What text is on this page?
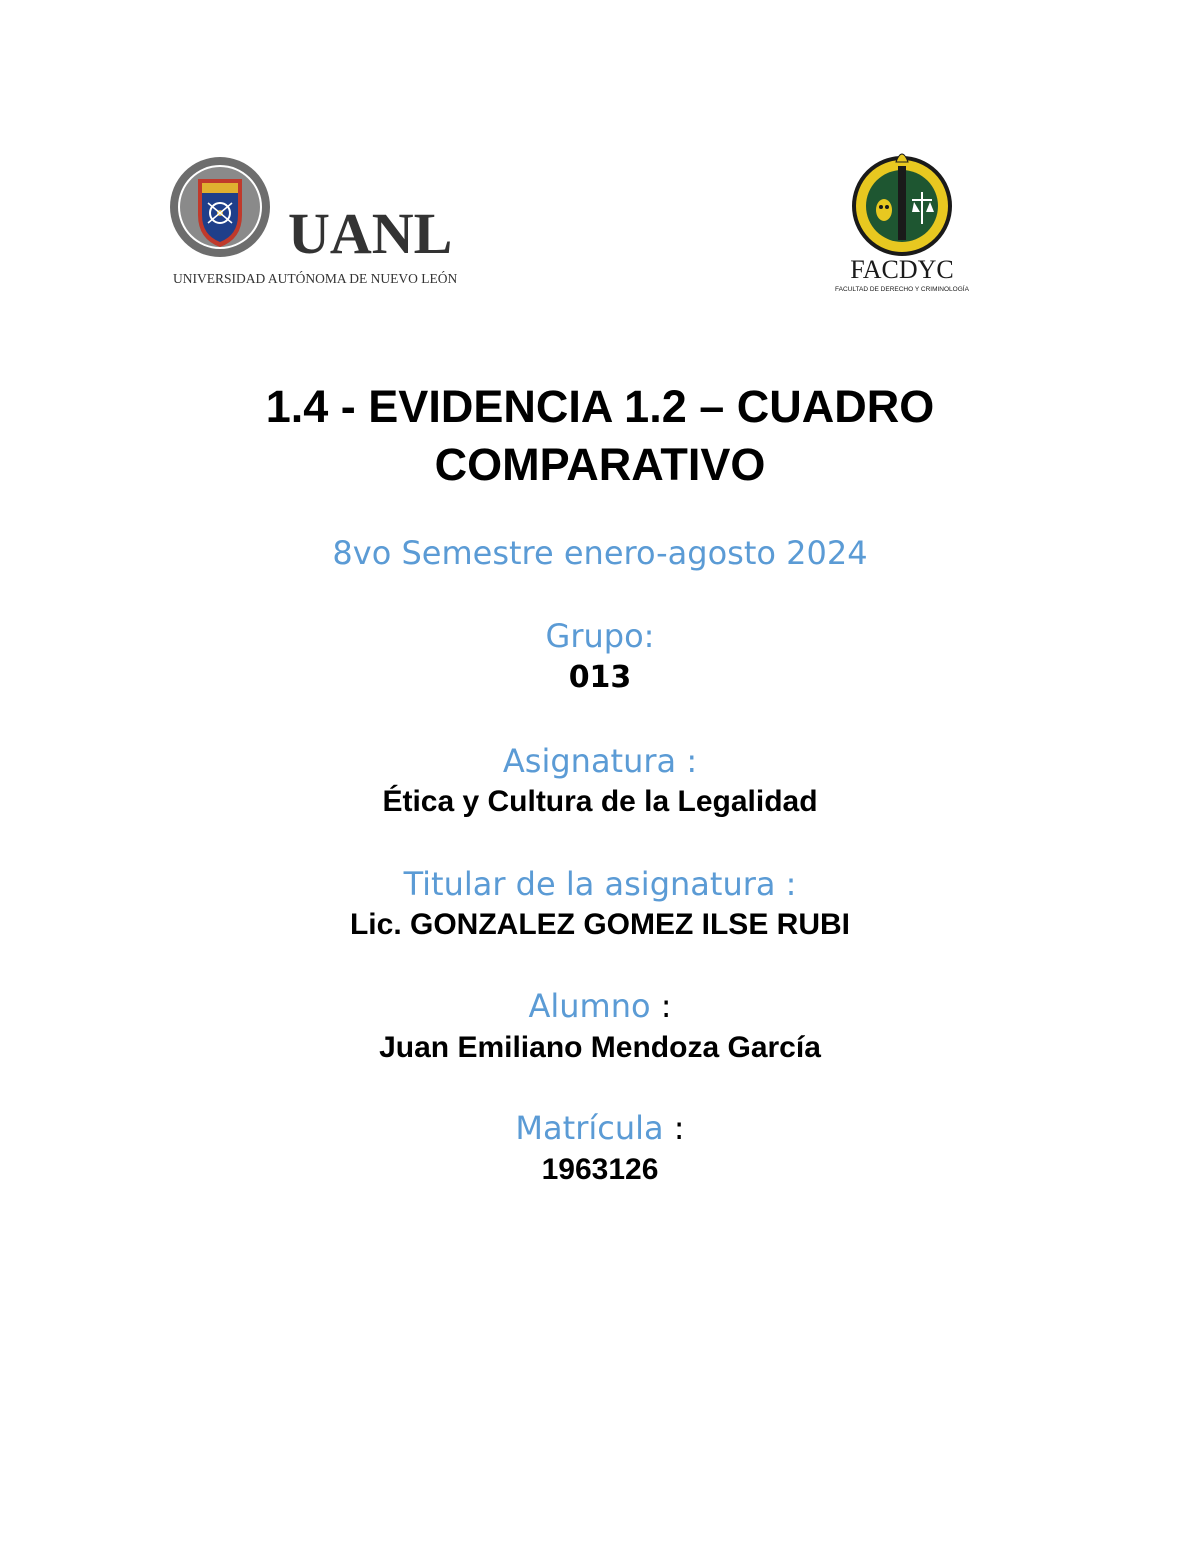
UANL
UNIVERSIDAD AUTÓNOMA DE NUEVO LEÓN	FACDYC
FACULTAD DE DERECHO Y CRIMINOLOGÍA
1.4 - EVIDENCIA 1.2 – CUADRO
COMPARATIVO
8vo Semestre enero-agosto 2024
Grupo:
013
Asignatura :
Ética y Cultura de la Legalidad
Titular de la asignatura :
Lic. GONZALEZ GOMEZ ILSE RUBI
Alumno :
Juan Emiliano Mendoza García
Matrícula :
1963126
